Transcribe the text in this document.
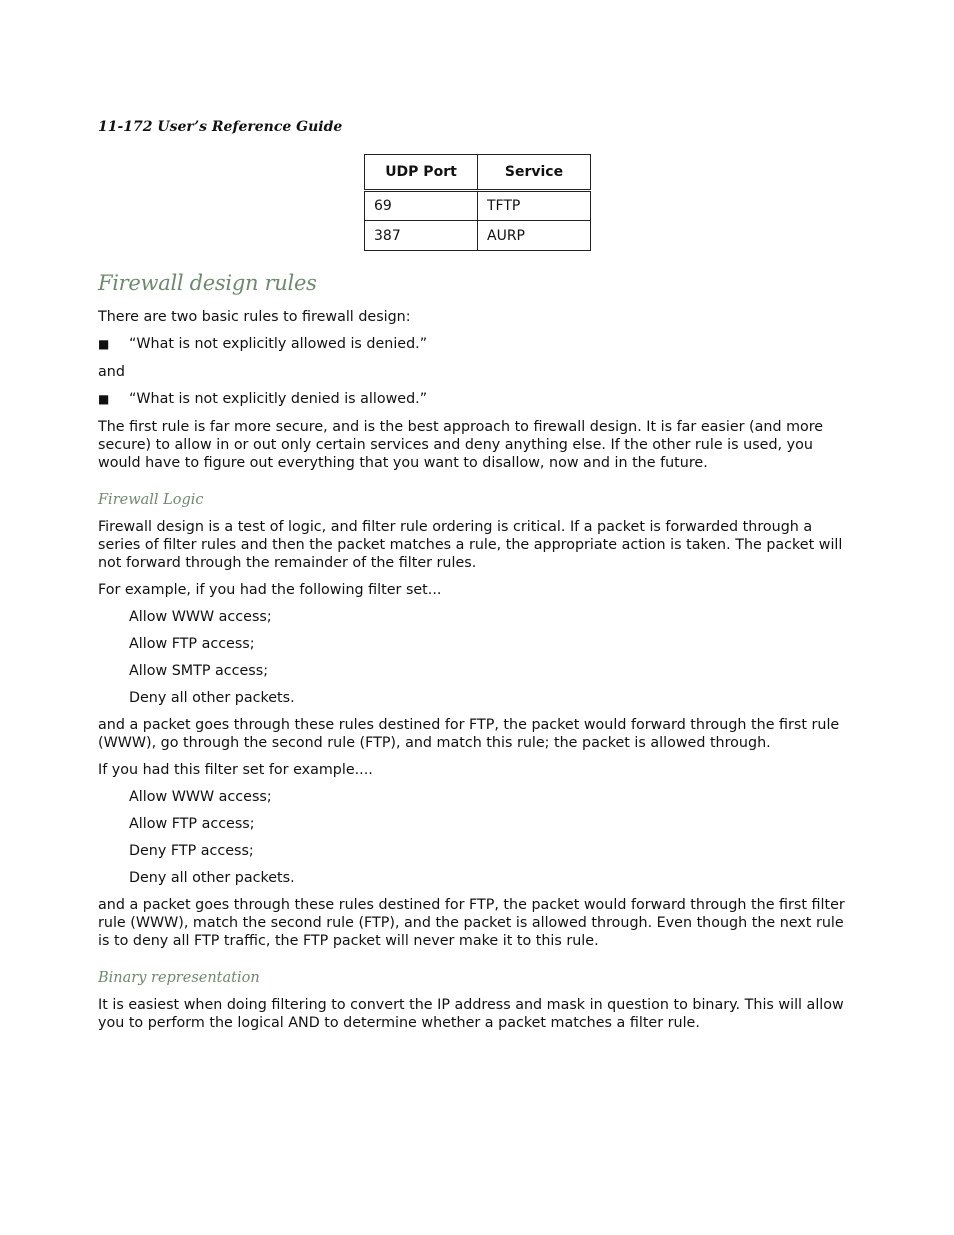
11-172 User’s Reference Guide
UDP Port	Service
69	TFTP
387	AURP
Firewall design rules

There are two basic rules to firewall design:

■ “What is not explicitly allowed is denied.”

and

■ “What is not explicitly denied is allowed.”

The first rule is far more secure, and is the best approach to firewall design. It is far easier (and more secure) to allow in or out only certain services and deny anything else. If the other rule is used, you would have to figure out everything that you want to disallow, now and in the future.

Firewall Logic

Firewall design is a test of logic, and filter rule ordering is critical. If a packet is forwarded through a series of filter rules and then the packet matches a rule, the appropriate action is taken. The packet will not forward through the remainder of the filter rules.

For example, if you had the following filter set...

Allow WWW access;

Allow FTP access;

Allow SMTP access;

Deny all other packets.

and a packet goes through these rules destined for FTP, the packet would forward through the first rule (WWW), go through the second rule (FTP), and match this rule; the packet is allowed through.

If you had this filter set for example....

Allow WWW access;

Allow FTP access;

Deny FTP access;

Deny all other packets.

and a packet goes through these rules destined for FTP, the packet would forward through the first filter rule (WWW), match the second rule (FTP), and the packet is allowed through. Even though the next rule is to deny all FTP traffic, the FTP packet will never make it to this rule.

Binary representation

It is easiest when doing filtering to convert the IP address and mask in question to binary. This will allow you to perform the logical AND to determine whether a packet matches a filter rule.
